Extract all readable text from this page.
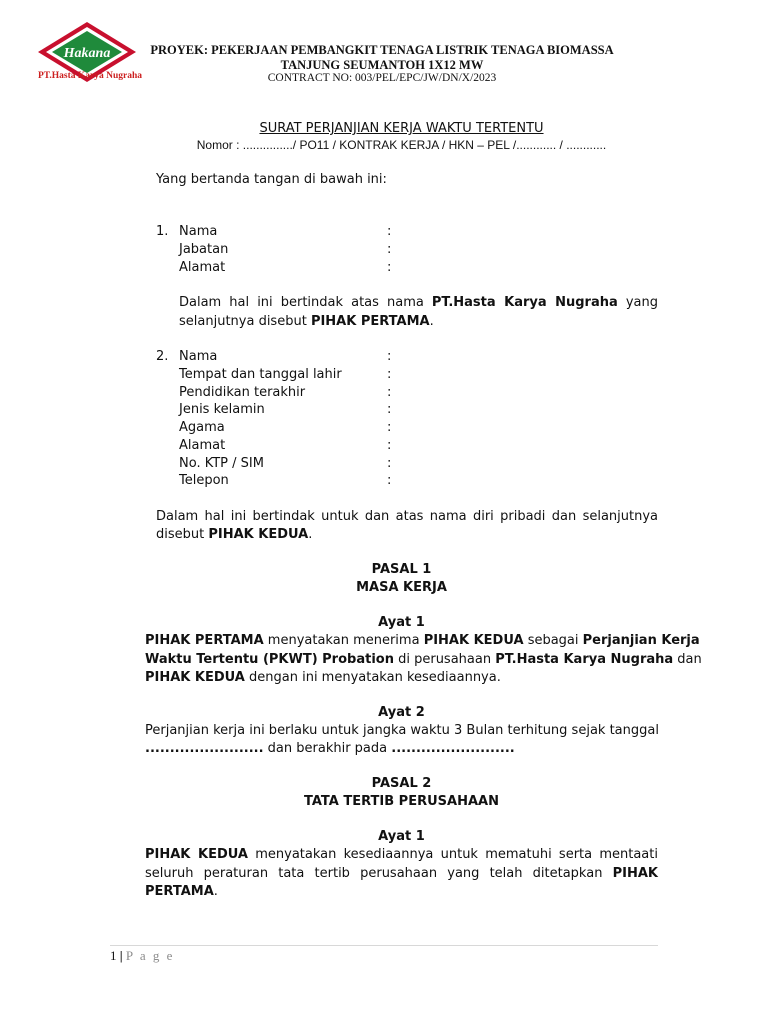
Hakana
PT.Hasta Karya Nugraha
PROYEK: PEKERJAAN PEMBANGKIT TENAGA LISTRIK TENAGA BIOMASSA
TANJUNG SEUMANTOH 1X12 MW
CONTRACT NO: 003/PEL/EPC/JW/DN/X/2023
SURAT PERJANJIAN KERJA WAKTU TERTENTU
Nomor : .............../ PO11 / KONTRAK KERJA / HKN – PEL /............ / ............
Yang bertanda tangan di bawah ini:
1. Nama	:
Jabatan	:
Alamat	:
Dalam hal ini bertindak atas nama PT.Hasta Karya Nugraha yang
selanjutnya disebut PIHAK PERTAMA.
2. Nama	:
Tempat dan tanggal lahir	:
Pendidikan terakhir	:
Jenis kelamin	:
Agama	:
Alamat	:
No. KTP / SIM	:
Telepon	:
Dalam hal ini bertindak untuk dan atas nama diri pribadi dan selanjutnya
disebut PIHAK KEDUA.
PASAL 1
MASA KERJA
Ayat 1
PIHAK PERTAMA menyatakan menerima PIHAK KEDUA sebagai Perjanjian Kerja
Waktu Tertentu (PKWT) Probation di perusahaan PT.Hasta Karya Nugraha dan
PIHAK KEDUA dengan ini menyatakan kesediaannya.
Ayat 2
Perjanjian kerja ini berlaku untuk jangka waktu 3 Bulan terhitung sejak tanggal
........................ dan berakhir pada .........................
PASAL 2
TATA TERTIB PERUSAHAAN
Ayat 1
PIHAK KEDUA menyatakan kesediaannya untuk mematuhi serta mentaati
seluruh peraturan tata tertib perusahaan yang telah ditetapkan PIHAK
PERTAMA.
1 | P a g e
